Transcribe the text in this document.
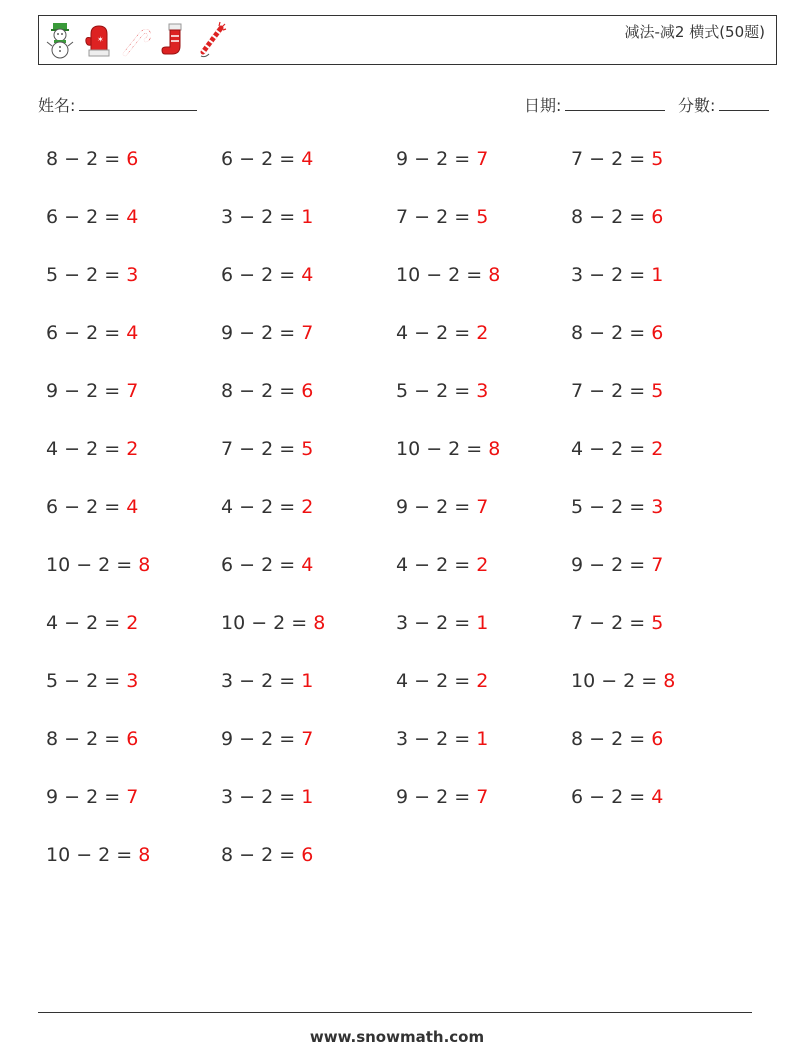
✶	减法-减2 横式(50题)
姓名:	日期:	分數:
8 − 2 = 6	6 − 2 = 4	9 − 2 = 7	7 − 2 = 5
6 − 2 = 4	3 − 2 = 1	7 − 2 = 5	8 − 2 = 6
5 − 2 = 3	6 − 2 = 4	10 − 2 = 8	3 − 2 = 1
6 − 2 = 4	9 − 2 = 7	4 − 2 = 2	8 − 2 = 6
9 − 2 = 7	8 − 2 = 6	5 − 2 = 3	7 − 2 = 5
4 − 2 = 2	7 − 2 = 5	10 − 2 = 8	4 − 2 = 2
6 − 2 = 4	4 − 2 = 2	9 − 2 = 7	5 − 2 = 3
10 − 2 = 8	6 − 2 = 4	4 − 2 = 2	9 − 2 = 7
4 − 2 = 2	10 − 2 = 8	3 − 2 = 1	7 − 2 = 5
5 − 2 = 3	3 − 2 = 1	4 − 2 = 2	10 − 2 = 8
8 − 2 = 6	9 − 2 = 7	3 − 2 = 1	8 − 2 = 6
9 − 2 = 7	3 − 2 = 1	9 − 2 = 7	6 − 2 = 4
10 − 2 = 8	8 − 2 = 6
www.snowmath.com
